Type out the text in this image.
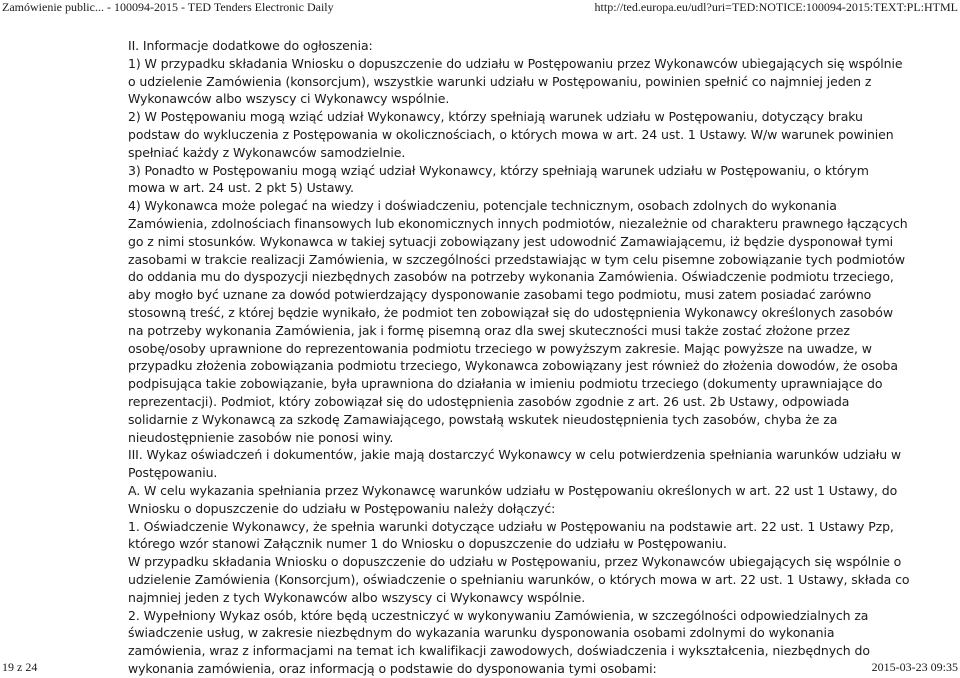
Zamówienie public... - 100094-2015 - TED Tenders Electronic Daily	http://ted.europa.eu/udl?uri=TED:NOTICE:100094-2015:TEXT:PL:HTML
II. Informacje dodatkowe do ogłoszenia:
1) W przypadku składania Wniosku o dopuszczenie do udziału w Postępowaniu przez Wykonawców ubiegających się wspólnie
o udzielenie Zamówienia (konsorcjum), wszystkie warunki udziału w Postępowaniu, powinien spełnić co najmniej jeden z
Wykonawców albo wszyscy ci Wykonawcy wspólnie.
2) W Postępowaniu mogą wziąć udział Wykonawcy, którzy spełniają warunek udziału w Postępowaniu, dotyczący braku
podstaw do wykluczenia z Postępowania w okolicznościach, o których mowa w art. 24 ust. 1 Ustawy. W/w warunek powinien
spełniać każdy z Wykonawców samodzielnie.
3) Ponadto w Postępowaniu mogą wziąć udział Wykonawcy, którzy spełniają warunek udziału w Postępowaniu, o którym
mowa w art. 24 ust. 2 pkt 5) Ustawy.
4) Wykonawca może polegać na wiedzy i doświadczeniu, potencjale technicznym, osobach zdolnych do wykonania
Zamówienia, zdolnościach finansowych lub ekonomicznych innych podmiotów, niezależnie od charakteru prawnego łączących
go z nimi stosunków. Wykonawca w takiej sytuacji zobowiązany jest udowodnić Zamawiającemu, iż będzie dysponował tymi
zasobami w trakcie realizacji Zamówienia, w szczególności przedstawiając w tym celu pisemne zobowiązanie tych podmiotów
do oddania mu do dyspozycji niezbędnych zasobów na potrzeby wykonania Zamówienia. Oświadczenie podmiotu trzeciego,
aby mogło być uznane za dowód potwierdzający dysponowanie zasobami tego podmiotu, musi zatem posiadać zarówno
stosowną treść, z której będzie wynikało, że podmiot ten zobowiązał się do udostępnienia Wykonawcy określonych zasobów
na potrzeby wykonania Zamówienia, jak i formę pisemną oraz dla swej skuteczności musi także zostać złożone przez
osobę/osoby uprawnione do reprezentowania podmiotu trzeciego w powyższym zakresie. Mając powyższe na uwadze, w
przypadku złożenia zobowiązania podmiotu trzeciego, Wykonawca zobowiązany jest również do złożenia dowodów, że osoba
podpisująca takie zobowiązanie, była uprawniona do działania w imieniu podmiotu trzeciego (dokumenty uprawniające do
reprezentacji). Podmiot, który zobowiązał się do udostępnienia zasobów zgodnie z art. 26 ust. 2b Ustawy, odpowiada
solidarnie z Wykonawcą za szkodę Zamawiającego, powstałą wskutek nieudostępnienia tych zasobów, chyba że za
nieudostępnienie zasobów nie ponosi winy.
III. Wykaz oświadczeń i dokumentów, jakie mają dostarczyć Wykonawcy w celu potwierdzenia spełniania warunków udziału w
Postępowaniu.
A. W celu wykazania spełniania przez Wykonawcę warunków udziału w Postępowaniu określonych w art. 22 ust 1 Ustawy, do
Wniosku o dopuszczenie do udziału w Postępowaniu należy dołączyć:
1. Oświadczenie Wykonawcy, że spełnia warunki dotyczące udziału w Postępowaniu na podstawie art. 22 ust. 1 Ustawy Pzp,
którego wzór stanowi Załącznik numer 1 do Wniosku o dopuszczenie do udziału w Postępowaniu.
W przypadku składania Wniosku o dopuszczenie do udziału w Postępowaniu, przez Wykonawców ubiegających się wspólnie o
udzielenie Zamówienia (Konsorcjum), oświadczenie o spełnianiu warunków, o których mowa w art. 22 ust. 1 Ustawy, składa co
najmniej jeden z tych Wykonawców albo wszyscy ci Wykonawcy wspólnie.
2. Wypełniony Wykaz osób, które będą uczestniczyć w wykonywaniu Zamówienia, w szczególności odpowiedzialnych za
świadczenie usług, w zakresie niezbędnym do wykazania warunku dysponowania osobami zdolnymi do wykonania
zamówienia, wraz z informacjami na temat ich kwalifikacji zawodowych, doświadczenia i wykształcenia, niezbędnych do
wykonania zamówienia, oraz informacją o podstawie do dysponowania tymi osobami:
19 z 24	2015-03-23 09:35
